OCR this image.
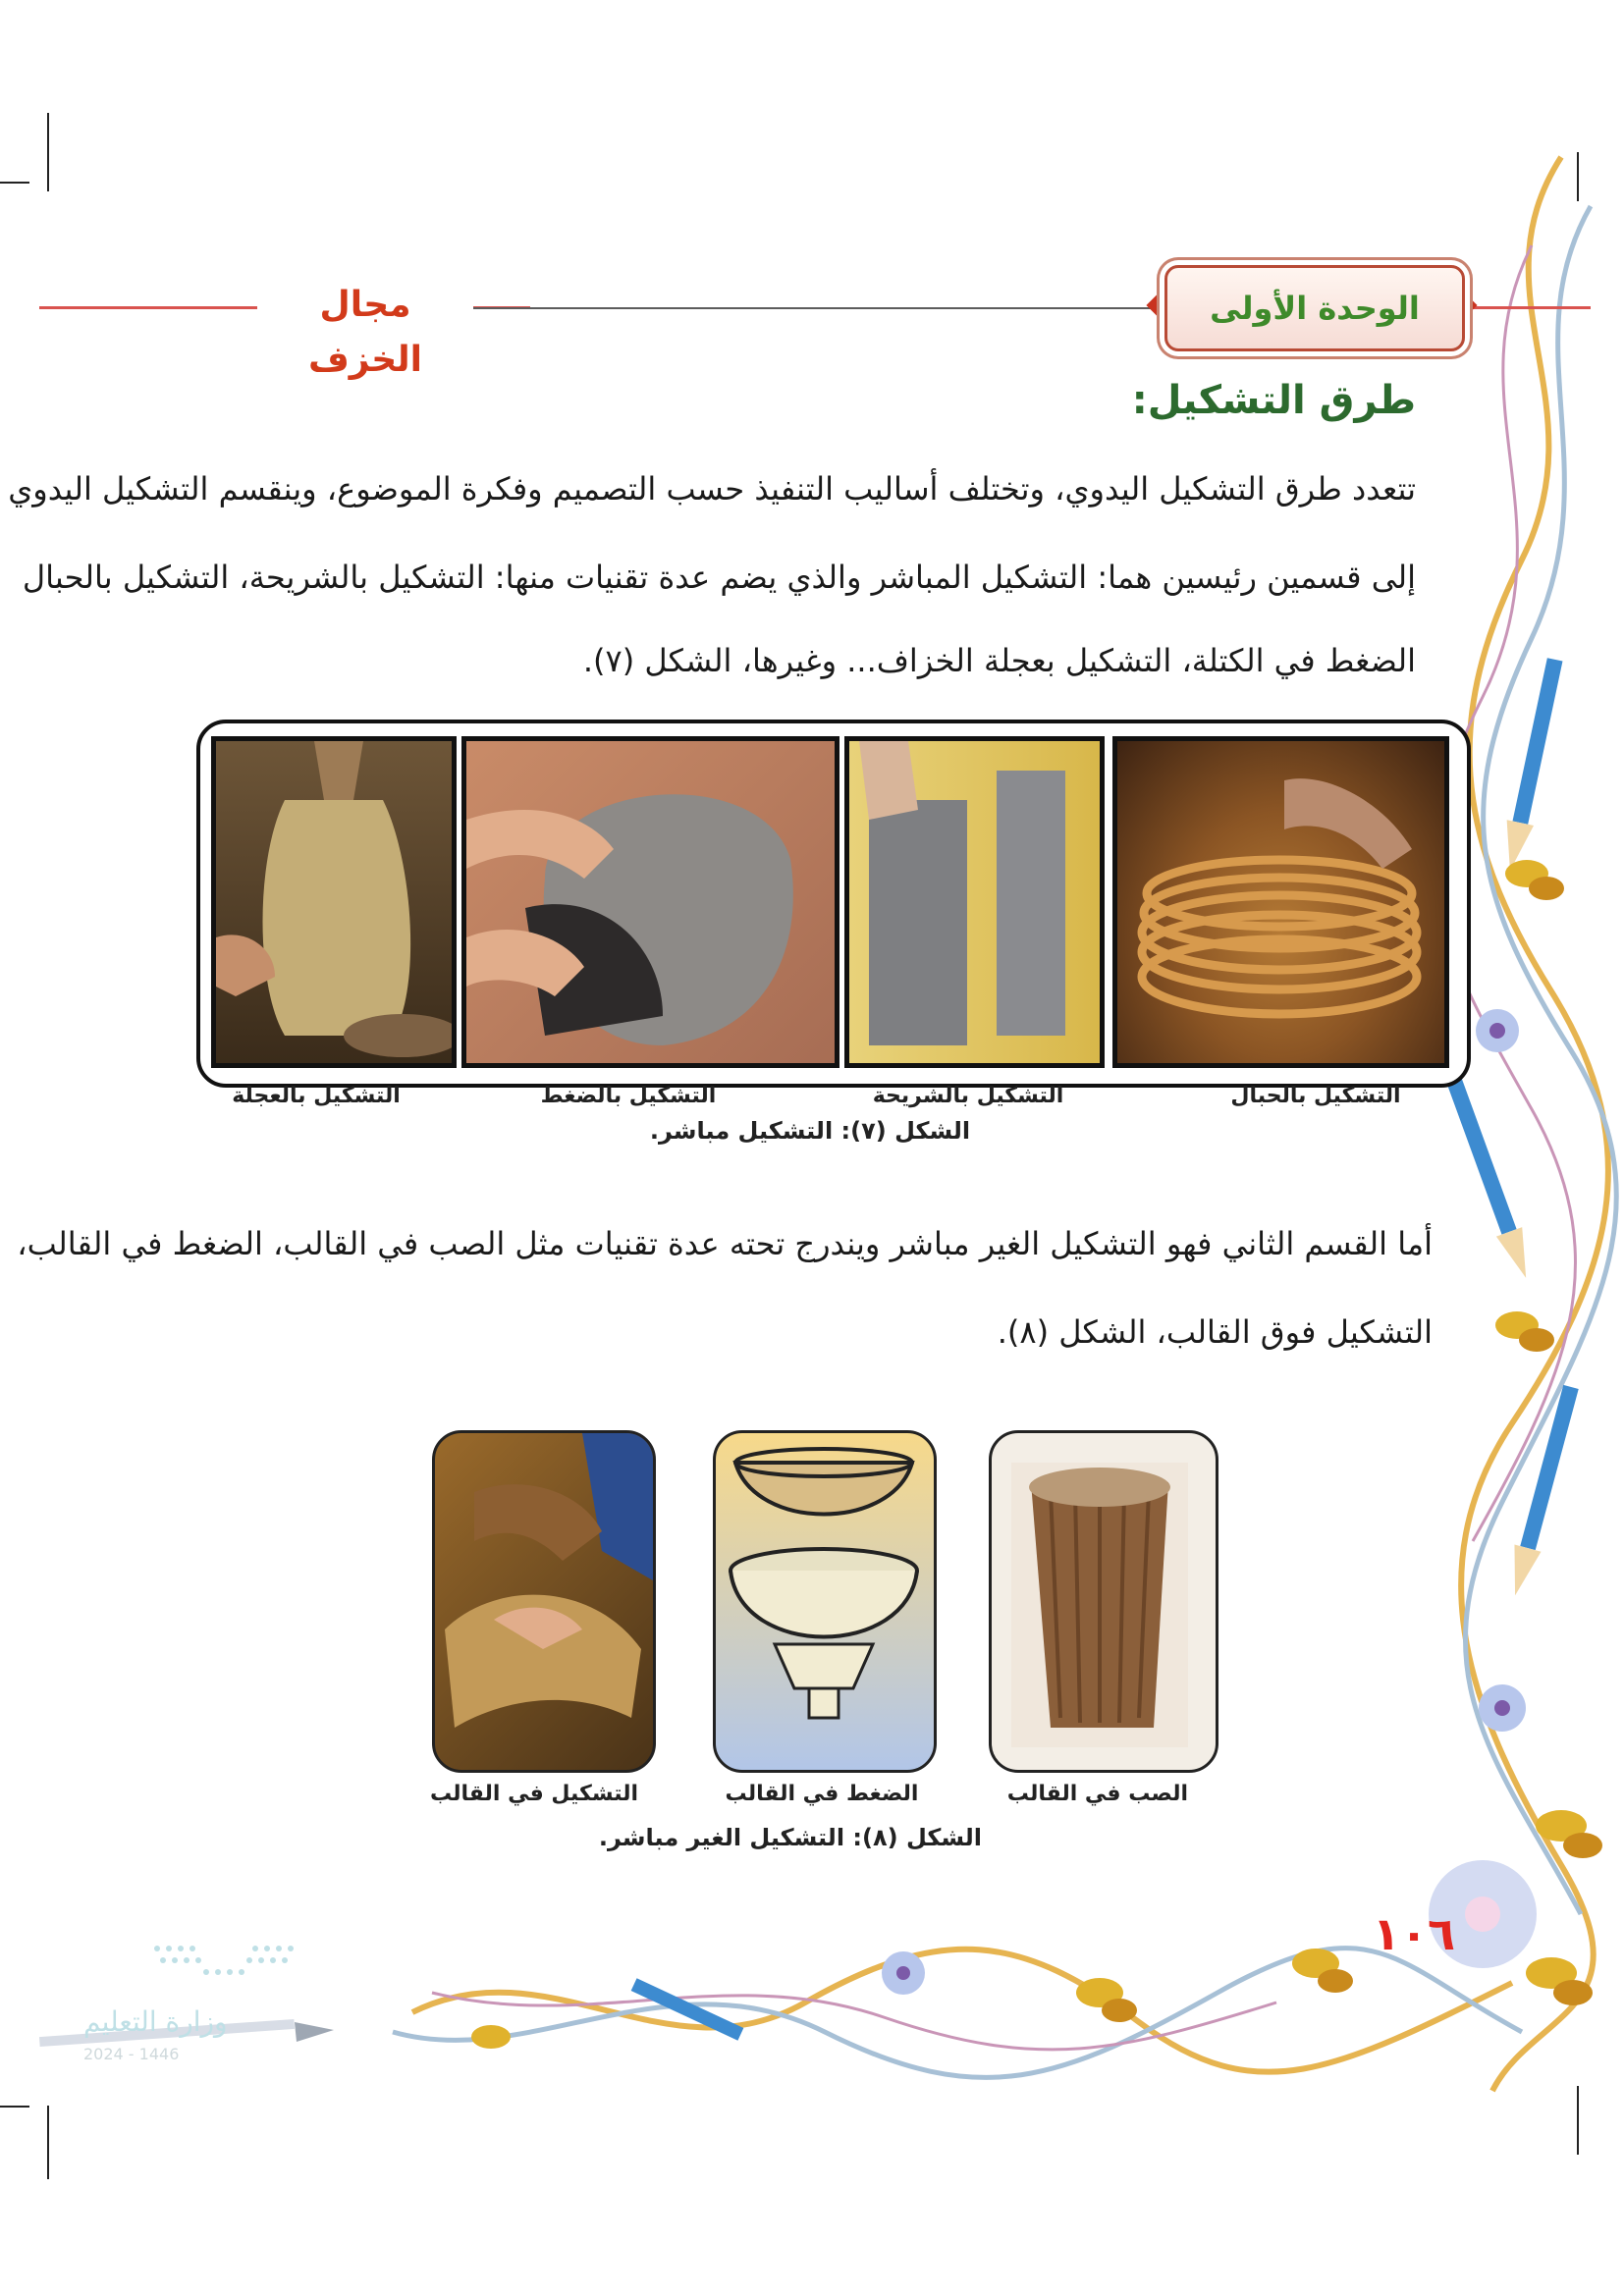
مجال الخزف
الوحدة الأولى
طرق التشكيل:
تتعدد طرق التشكيل اليدوي، وتختلف أساليب التنفيذ حسب التصميم وفكرة الموضوع، وينقسم التشكيل اليدوي
إلى قسمين رئيسين هما: التشكيل المباشر والذي يضم عدة تقنيات منها: التشكيل بالشريحة، التشكيل بالحبال
الضغط في الكتلة، التشكيل بعجلة الخزاف... وغيرها، الشكل (٧).
التشكيل بالحبال
التشكيل بالشريحة
التشكيل بالضغط
التشكيل بالعجلة
الشكل (٧): التشكيل مباشر.
أما القسم الثاني فهو التشكيل الغير مباشر ويندرج تحته عدة تقنيات مثل الصب في القالب، الضغط في القالب،
التشكيل فوق القالب، الشكل (٨).
الصب في القالب
الضغط في القالب
التشكيل في القالب
الشكل (٨): التشكيل الغير مباشر.
١٠٦
وزارة التعليم
2024 - 1446
